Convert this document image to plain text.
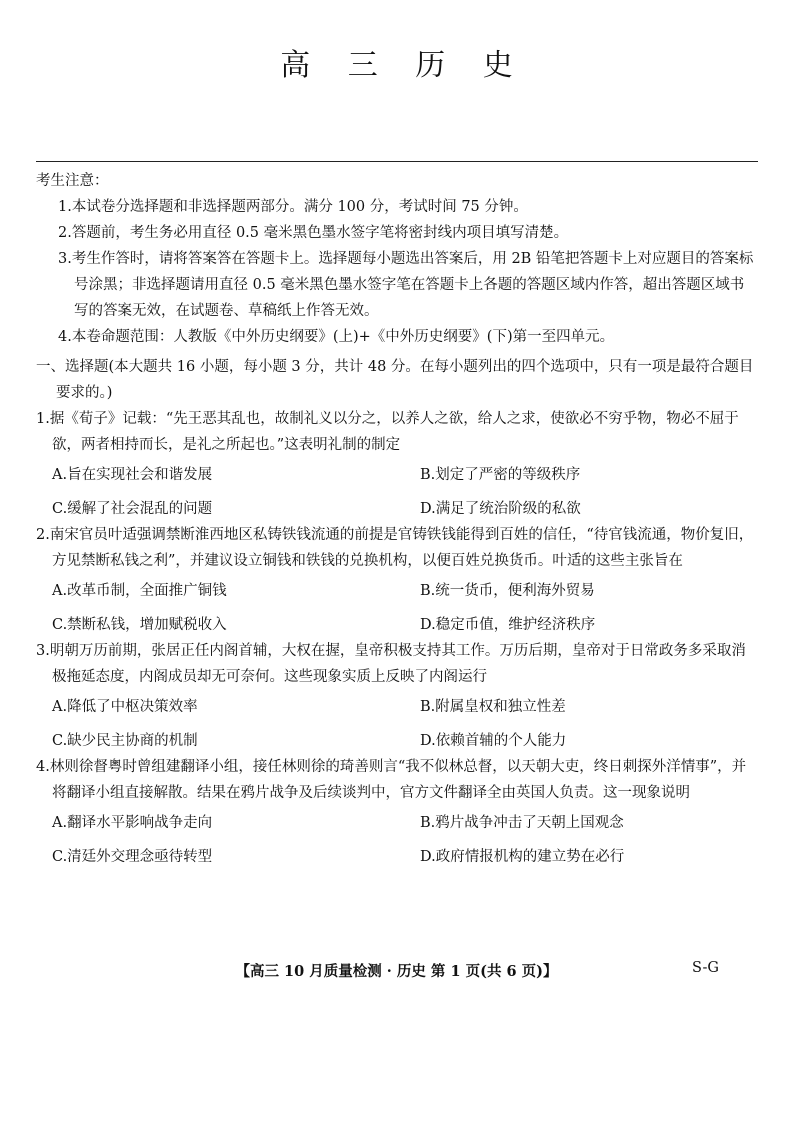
高 三 历 史

考生注意：

1.本试卷分选择题和非选择题两部分。满分 100 分，考试时间 75 分钟。

2.答题前，考生务必用直径 0.5 毫米黑色墨水签字笔将密封线内项目填写清楚。

3.考生作答时，请将答案答在答题卡上。选择题每小题选出答案后，用 2B 铅笔把答题卡上对应题目的答案标号涂黑；非选择题请用直径 0.5 毫米黑色墨水签字笔在答题卡上各题的答题区域内作答，超出答题区域书写的答案无效，在试题卷、草稿纸上作答无效。

4.本卷命题范围：人教版《中外历史纲要》(上)+《中外历史纲要》(下)第一至四单元。

一、选择题(本大题共 16 小题，每小题 3 分，共计 48 分。在每小题列出的四个选项中，只有一项是最符合题目要求的。)

1.据《荀子》记载：“先王恶其乱也，故制礼义以分之，以养人之欲，给人之求，使欲必不穷乎物，物必不屈于欲，两者相持而长，是礼之所起也。”这表明礼制的制定

A.旨在实现社会和谐发展	B.划定了严密的等级秩序
C.缓解了社会混乱的问题	D.满足了统治阶级的私欲

2.南宋官员叶适强调禁断淮西地区私铸铁钱流通的前提是官铸铁钱能得到百姓的信任，“待官钱流通，物价复旧，方见禁断私钱之利”，并建议设立铜钱和铁钱的兑换机构，以便百姓兑换货币。叶适的这些主张旨在

A.改革币制，全面推广铜钱	B.统一货币，便利海外贸易
C.禁断私钱，增加赋税收入	D.稳定币值，维护经济秩序

3.明朝万历前期，张居正任内阁首辅，大权在握，皇帝积极支持其工作。万历后期，皇帝对于日常政务多采取消极拖延态度，内阁成员却无可奈何。这些现象实质上反映了内阁运行

A.降低了中枢决策效率	B.附属皇权和独立性差
C.缺少民主协商的机制	D.依赖首辅的个人能力

4.林则徐督粤时曾组建翻译小组，接任林则徐的琦善则言“我不似林总督，以天朝大吏，终日刺探外洋情事”，并将翻译小组直接解散。结果在鸦片战争及后续谈判中，官方文件翻译全由英国人负责。这一现象说明

A.翻译水平影响战争走向	B.鸦片战争冲击了天朝上国观念
C.清廷外交理念亟待转型	D.政府情报机构的建立势在必行
【高三 10 月质量检测 · 历史 第 1 页(共 6 页)】	S-G
